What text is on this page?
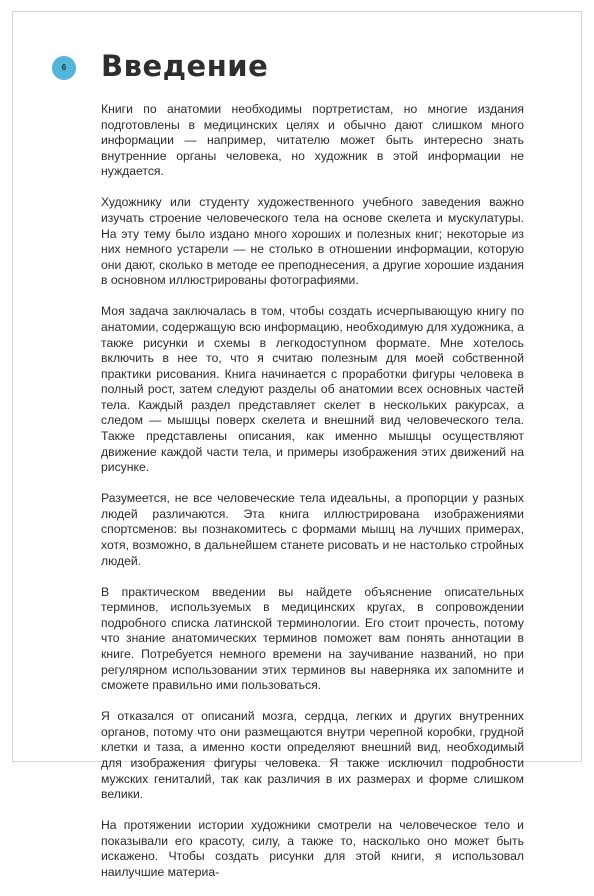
6	Введение

Книги по анатомии необходимы портретистам, но многие издания подготовлены в медицинских целях и обычно дают слишком много информации — например, читателю может быть интересно знать внутренние органы человека, но художник в этой информации не нуждается.

Художнику или студенту художественного учебного заведения важно изучать строение человеческого тела на основе скелета и мускулатуры. На эту тему было издано много хороших и полезных книг; некоторые из них немного устарели — не столько в отношении информации, которую они дают, сколько в методе ее преподнесения, а другие хорошие издания в основном иллюстрированы фотографиями.

Моя задача заключалась в том, чтобы создать исчерпывающую книгу по анатомии, содержащую всю информацию, необходимую для художника, а также рисунки и схемы в легкодоступном формате. Мне хотелось включить в нее то, что я считаю полезным для моей собственной практики рисования. Книга начинается с проработки фигуры человека в полный рост, затем следуют разделы об анатомии всех основных частей тела. Каждый раздел представляет скелет в нескольких ракурсах, а следом — мышцы поверх скелета и внешний вид человеческого тела. Также представлены описания, как именно мышцы осуществляют движение каждой части тела, и примеры изображения этих движений на рисунке.

Разумеется, не все человеческие тела идеальны, а пропорции у разных людей различаются. Эта книга иллюстрирована изображениями спортсменов: вы познакомитесь с формами мышц на лучших примерах, хотя, возможно, в дальнейшем станете рисовать и не настолько стройных людей.

В практическом введении вы найдете объяснение описательных терминов, используемых в медицинских кругах, в сопровождении подробного списка латинской терминологии. Его стоит прочесть, потому что знание анатомических терминов поможет вам понять аннотации в книге. Потребуется немного времени на заучивание названий, но при регулярном использовании этих терминов вы наверняка их запомните и сможете правильно ими пользоваться.

Я отказался от описаний мозга, сердца, легких и других внутренних органов, потому что они размещаются внутри черепной коробки, грудной клетки и таза, а именно кости определяют внешний вид, необходимый для изображения фигуры человека. Я также исключил подробности мужских гениталий, так как различия в их размерах и форме слишком велики.

На протяжении истории художники смотрели на человеческое тело и показывали его красоту, силу, а также то, насколько оно может быть искажено. Чтобы создать рисунки для этой книги, я использовал наилучшие материа-
